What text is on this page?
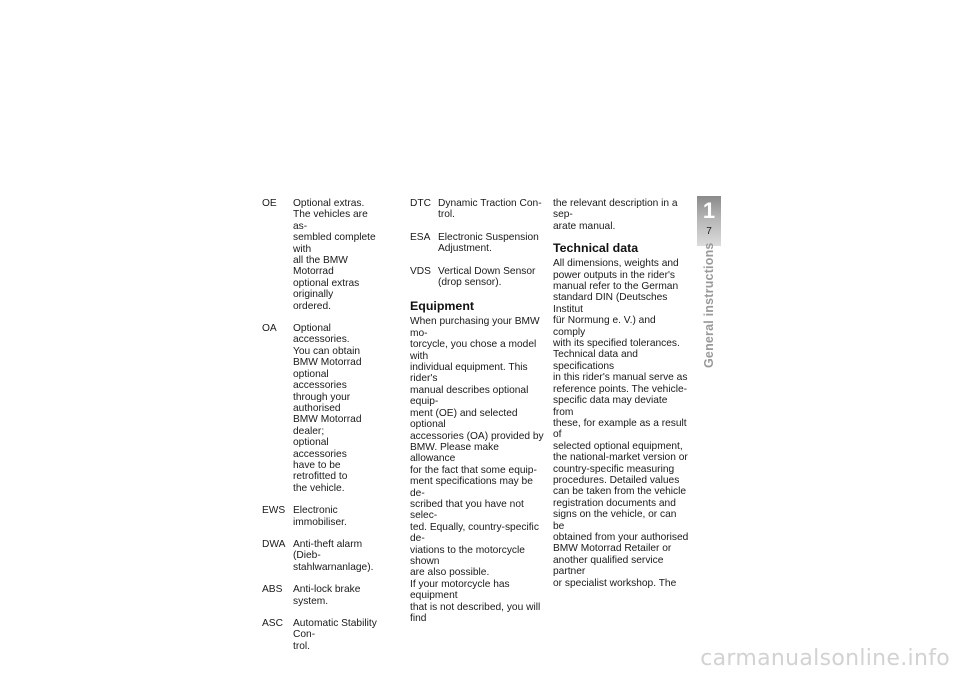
OE	Optional extras.
The vehicles are as-
sembled complete with
all the BMW Motorrad
optional extras originally
ordered.
OA	Optional accessories.
You can obtain
BMW Motorrad
optional accessories
through your authorised
BMW Motorrad dealer;
optional accessories
have to be retrofitted to
the vehicle.
EWS Electronic immobiliser.
DWA Anti-theft alarm (Dieb-
stahlwarnanlage).
ABS	Anti-lock brake system.
ASC Automatic Stability Con-
trol.
DTC Dynamic Traction Con-
trol.
ESA Electronic Suspension
Adjustment.
VDS Vertical Down Sensor
(drop sensor).
Equipment

When purchasing your BMW mo-
torcycle, you chose a model with
individual equipment. This rider's
manual describes optional equip-
ment (OE) and selected optional
accessories (OA) provided by
BMW. Please make allowance
for the fact that some equip-
ment specifications may be de-
scribed that you have not selec-
ted. Equally, country-specific de-
viations to the motorcycle shown
are also possible.
If your motorcycle has equipment
that is not described, you will find

the relevant description in a sep-
arate manual.

Technical data

All dimensions, weights and
power outputs in the rider's
manual refer to the German
standard DIN (Deutsches Institut
für Normung e. V.) and comply
with its specified tolerances.
Technical data and specifications
in this rider's manual serve as
reference points. The vehicle-
specific data may deviate from
these, for example as a result of
selected optional equipment,
the national-market version or
country-specific measuring
procedures. Detailed values
can be taken from the vehicle
registration documents and
signs on the vehicle, or can be
obtained from your authorised
BMW Motorrad Retailer or
another qualified service partner
or specialist workshop. The

1
7
General instructions
carmanualsonline.info
